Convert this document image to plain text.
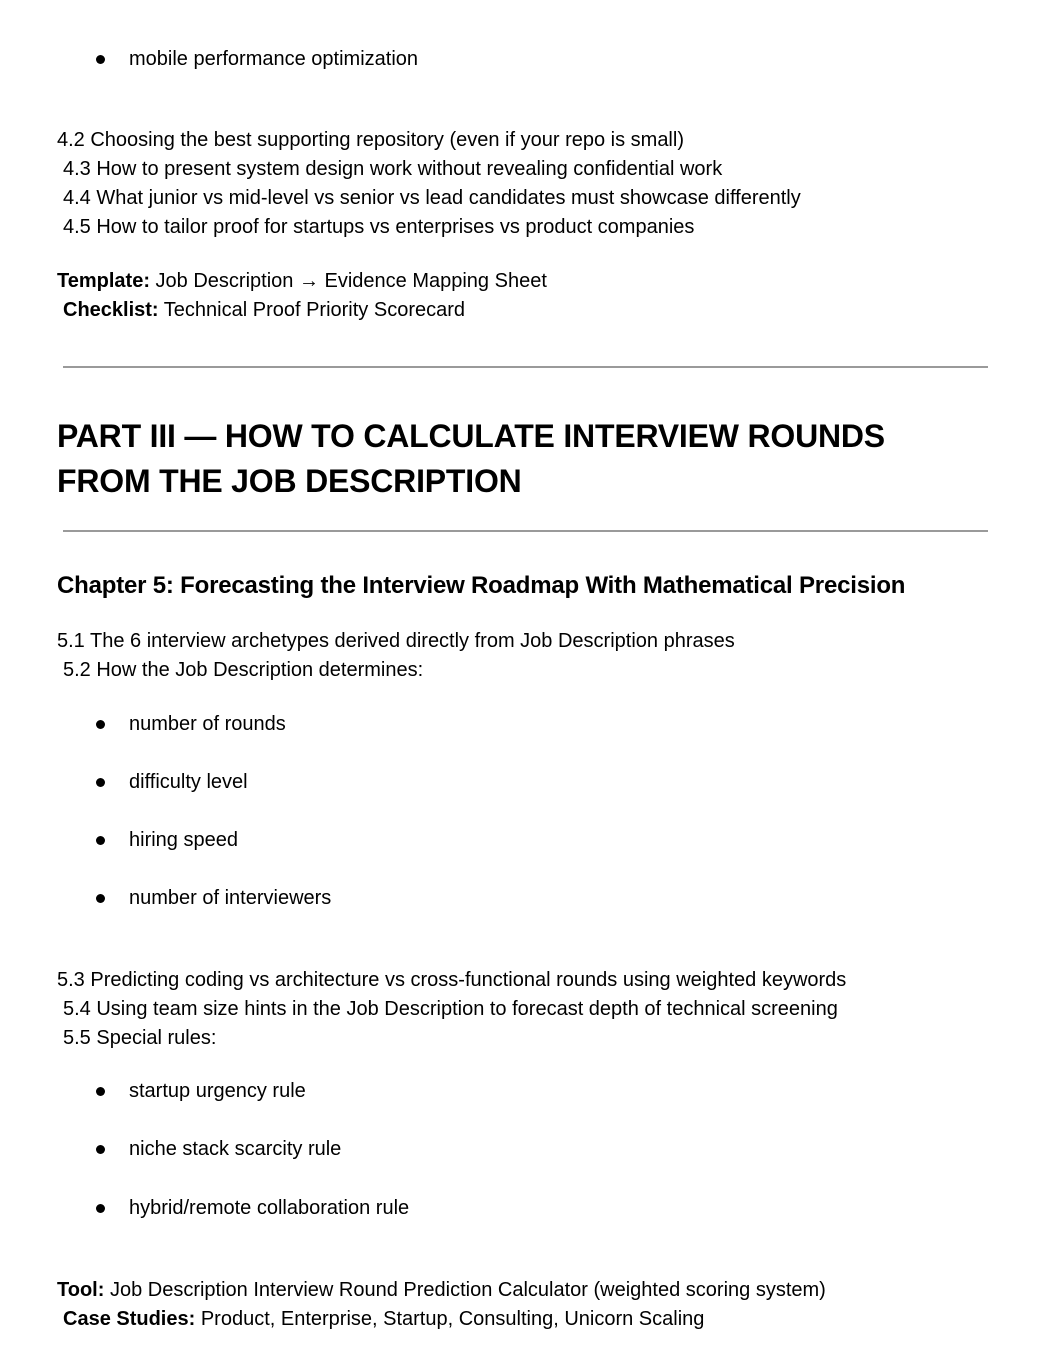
mobile performance optimization
4.2 Choosing the best supporting repository (even if your repo is small)
4.3 How to present system design work without revealing confidential work
4.4 What junior vs mid-level vs senior vs lead candidates must showcase differently
4.5 How to tailor proof for startups vs enterprises vs product companies
Template: Job Description → Evidence Mapping Sheet
Checklist: Technical Proof Priority Scorecard
PART III — HOW TO CALCULATE INTERVIEW ROUNDS
FROM THE JOB DESCRIPTION
Chapter 5: Forecasting the Interview Roadmap With Mathematical Precision
5.1 The 6 interview archetypes derived directly from Job Description phrases
5.2 How the Job Description determines:
number of rounds
difficulty level
hiring speed
number of interviewers
5.3 Predicting coding vs architecture vs cross-functional rounds using weighted keywords
5.4 Using team size hints in the Job Description to forecast depth of technical screening
5.5 Special rules:
startup urgency rule
niche stack scarcity rule
hybrid/remote collaboration rule
Tool: Job Description Interview Round Prediction Calculator (weighted scoring system)
Case Studies: Product, Enterprise, Startup, Consulting, Unicorn Scaling
